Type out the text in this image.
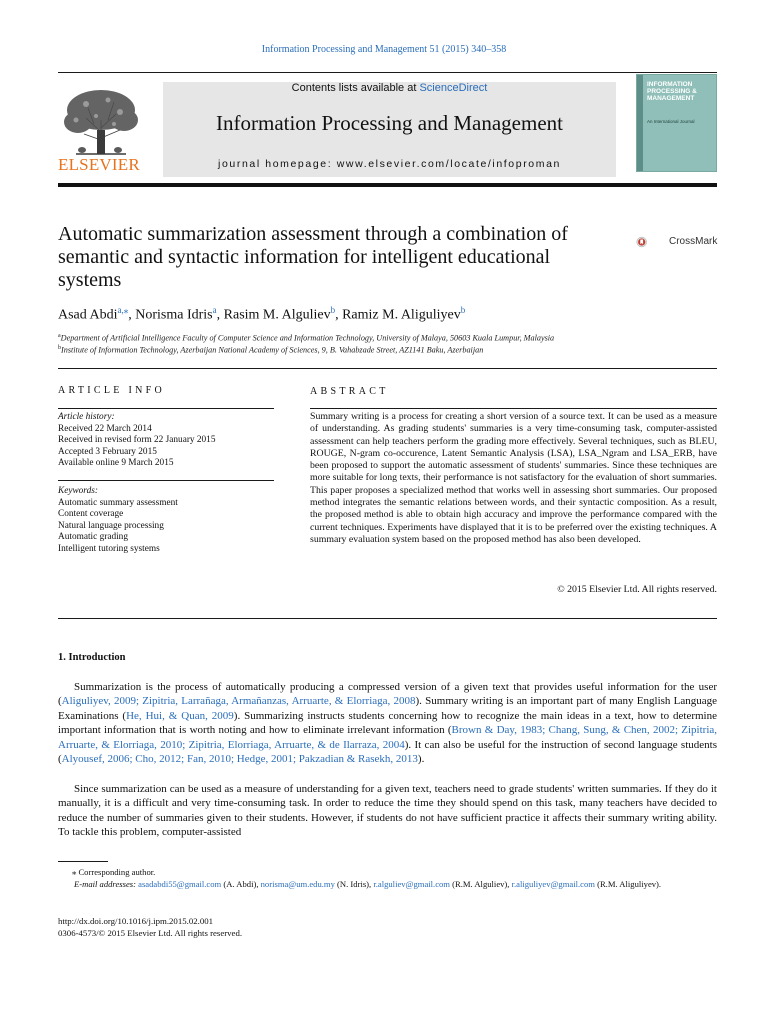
Information Processing and Management 51 (2015) 340–358
ELSEVIER
Contents lists available at ScienceDirect
Information Processing and Management
journal homepage: www.elsevier.com/locate/infoproman
INFORMATION PROCESSING & MANAGEMENT
An International Journal
Automatic summarization assessment through a combination of semantic and syntactic information for intelligent educational systems
CrossMark
Asad Abdi$^{a,⁎}$, Norisma Idris$^a$, Rasim M. Alguliev$^b$, Ramiz M. Aliguliyev$^b$
$^a$Department of Artificial Intelligence Faculty of Computer Science and Information Technology, University of Malaya, 50603 Kuala Lumpur, Malaysia
$^b$Institute of Information Technology, Azerbaijan National Academy of Sciences, 9, B. Vahabzade Street, AZ1141 Baku, Azerbaijan
ARTICLE INFO
Article history:
Received 22 March 2014
Received in revised form 22 January 2015
Accepted 3 February 2015
Available online 9 March 2015
Keywords:
Automatic summary assessment
Content coverage
Natural language processing
Automatic grading
Intelligent tutoring systems
ABSTRACT
Summary writing is a process for creating a short version of a source text. It can be used as a measure of understanding. As grading students' summaries is a very time-consuming task, computer-assisted assessment can help teachers perform the grading more effectively. Several techniques, such as BLEU, ROUGE, N-gram co-occurence, Latent Semantic Analysis (LSA), LSA_Ngram and LSA_ERB, have been proposed to support the automatic assessment of students' summaries. Since these techniques are more suitable for long texts, their performance is not satisfactory for the evaluation of short summaries. This paper proposes a specialized method that works well in assessing short summaries. Our proposed method integrates the semantic relations between words, and their syntactic composition. As a result, the proposed method is able to obtain high accuracy and improve the performance compared with the current techniques. Experiments have displayed that it is to be preferred over the existing techniques. A summary evaluation system based on the proposed method has also been developed.
© 2015 Elsevier Ltd. All rights reserved.
1. Introduction
Summarization is the process of automatically producing a compressed version of a given text that provides useful information for the user (Aliguliyev, 2009; Zipitria, Larrañaga, Armañanzas, Arruarte, & Elorriaga, 2008). Summary writing is an important part of many English Language Examinations (He, Hui, & Quan, 2009). Summarizing instructs students concerning how to recognize the main ideas in a text, how to determine important information that is worth noting and how to eliminate irrelevant information (Brown & Day, 1983; Chang, Sung, & Chen, 2002; Zipitria, Arruarte, & Elorriaga, 2010; Zipitria, Elorriaga, Arruarte, & de Ilarraza, 2004). It can also be useful for the instruction of second language students (Alyousef, 2006; Cho, 2012; Fan, 2010; Hedge, 2001; Pakzadian & Rasekh, 2013).
Since summarization can be used as a measure of understanding for a given text, teachers need to grade students' written summaries. If they do it manually, it is a difficult and very time-consuming task. In order to reduce the time they should spend on this task, many teachers have decided to reduce the number of summaries given to their students. However, if students do not have sufficient practice it affects their summary writing ability. To tackle this problem, computer-assisted
⁎ Corresponding author.
E-mail addresses: asadabdi55@gmail.com (A. Abdi), norisma@um.edu.my (N. Idris), r.alguliev@gmail.com (R.M. Alguliev), r.aliguliyev@gmail.com (R.M. Aliguliyev).
http://dx.doi.org/10.1016/j.ipm.2015.02.001
0306-4573/© 2015 Elsevier Ltd. All rights reserved.
